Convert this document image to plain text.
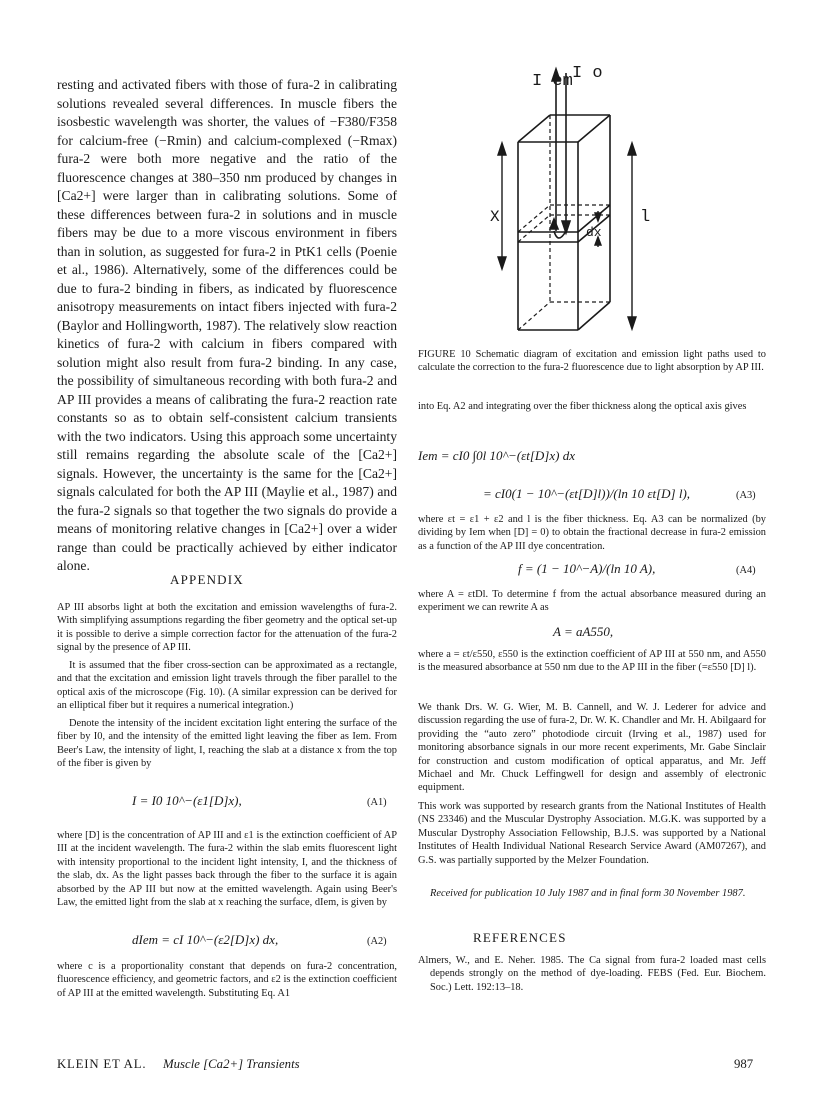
resting and activated fibers with those of fura-2 in calibrating solutions revealed several differences. In muscle fibers the isosbestic wavelength was shorter, the values of −F380/F358 for calcium-free (−Rmin) and calcium-complexed (−Rmax) fura-2 were both more negative and the ratio of the fluorescence changes at 380–350 nm produced by changes in [Ca2+] were larger than in calibrating solutions. Some of these differences between fura-2 in solutions and in muscle fibers may be due to a more viscous environment in fibers than in solution, as suggested for fura-2 in PtK1 cells (Poenie et al., 1986). Alternatively, some of the differences could be due to fura-2 binding in fibers, as indicated by fluorescence anisotropy measurements on intact fibers injected with fura-2 (Baylor and Hollingworth, 1987). The relatively slow reaction kinetics of fura-2 with calcium in fibers compared with solution might also result from fura-2 binding. In any case, the possibility of simultaneous recording with both fura-2 and AP III provides a means of calibrating the fura-2 reaction rate constants so as to obtain self-consistent calcium transients with the two indicators. Using this approach some uncertainty still remains regarding the absolute scale of the [Ca2+] signals. However, the uncertainty is the same for the [Ca2+] signals calculated for both the AP III (Maylie et al., 1987) and the fura-2 signals so that together the two signals do provide a means of monitoring relative changes in [Ca2+] over a wider range than could be practically achieved by either indicator alone.

APPENDIX

AP III absorbs light at both the excitation and emission wavelengths of fura-2. With simplifying assumptions regarding the fiber geometry and the optical set-up it is possible to derive a simple correction factor for the attenuation of the fura-2 signal by the presence of AP III.

It is assumed that the fiber cross-section can be approximated as a rectangle, and that the excitation and emission light travels through the fiber parallel to the optical axis of the microscope (Fig. 10). (A similar expression can be derived for an elliptical fiber but it requires a numerical integration.)

Denote the intensity of the incident excitation light entering the surface of the fiber by I0, and the intensity of the emitted light leaving the fiber as Iem. From Beer's Law, the intensity of light, I, reaching the slab at a distance x from the top of the fiber is given by

I = I0 10^−(ε1[D]x),	(A1)

where [D] is the concentration of AP III and ε1 is the extinction coefficient of AP III at the incident wavelength. The fura-2 within the slab emits fluorescent light with intensity proportional to the incident light intensity, I, and the thickness of the slab, dx. As the light passes back through the fiber to the surface it is again absorbed by the AP III but now at the emitted wavelength. Again using Beer's Law, the emitted light from the slab at x reaching the surface, dIem, is given by

dIem = cI 10^−(ε2[D]x) dx,	(A2)

where c is a proportionality constant that depends on fura-2 concentration, fluorescence efficiency, and geometric factors, and ε2 is the extinction coefficient of AP III at the emitted wavelength. Substituting Eq. A1

I em I o
X	l
dx

FIGURE 10 Schematic diagram of excitation and emission light paths used to calculate the correction to the fura-2 fluorescence due to light absorption by AP III.

into Eq. A2 and integrating over the fiber thickness along the optical axis gives

Iem = cI0 ∫0l 10^−(εt[D]x) dx
= cI0(1 − 10^−(εt[D]l))/(ln 10 εt[D] l),	(A3)

where εt = ε1 + ε2 and l is the fiber thickness. Eq. A3 can be normalized (by dividing by Iem when [D] = 0) to obtain the fractional decrease in fura-2 emission as a function of the AP III dye concentration.

f = (1 − 10^−A)/(ln 10 A),	(A4)

where A = εtDl. To determine f from the actual absorbance measured during an experiment we can rewrite A as

A = aA550,

where a = εt/ε550, ε550 is the extinction coefficient of AP III at 550 nm, and A550 is the measured absorbance at 550 nm due to the AP III in the fiber (=ε550 [D] l).

We thank Drs. W. G. Wier, M. B. Cannell, and W. J. Lederer for advice and discussion regarding the use of fura-2, Dr. W. K. Chandler and Mr. H. Abilgaard for providing the “auto zero” photodiode circuit (Irving et al., 1987) used for monitoring absorbance signals in our more recent experiments, Mr. Gabe Sinclair for construction and custom modification of optical apparatus, and Mr. Jeff Michael and Mr. Chuck Leffingwell for design and assembly of electronic equipment.

This work was supported by research grants from the National Institutes of Health (NS 23346) and the Muscular Dystrophy Association. M.G.K. was supported by a Muscular Dystrophy Association Fellowship, B.J.S. was supported by a National Institutes of Health Individual National Research Service Award (AM07267), and G.S. was partially supported by the Melzer Foundation.

Received for publication 10 July 1987 and in final form 30 November 1987.

REFERENCES

Almers, W., and E. Neher. 1985. The Ca signal from fura-2 loaded mast cells depends strongly on the method of dye-loading. FEBS (Fed. Eur. Biochem. Soc.) Lett. 192:13–18.

KLEIN ET AL. Muscle [Ca2+] Transients	987
